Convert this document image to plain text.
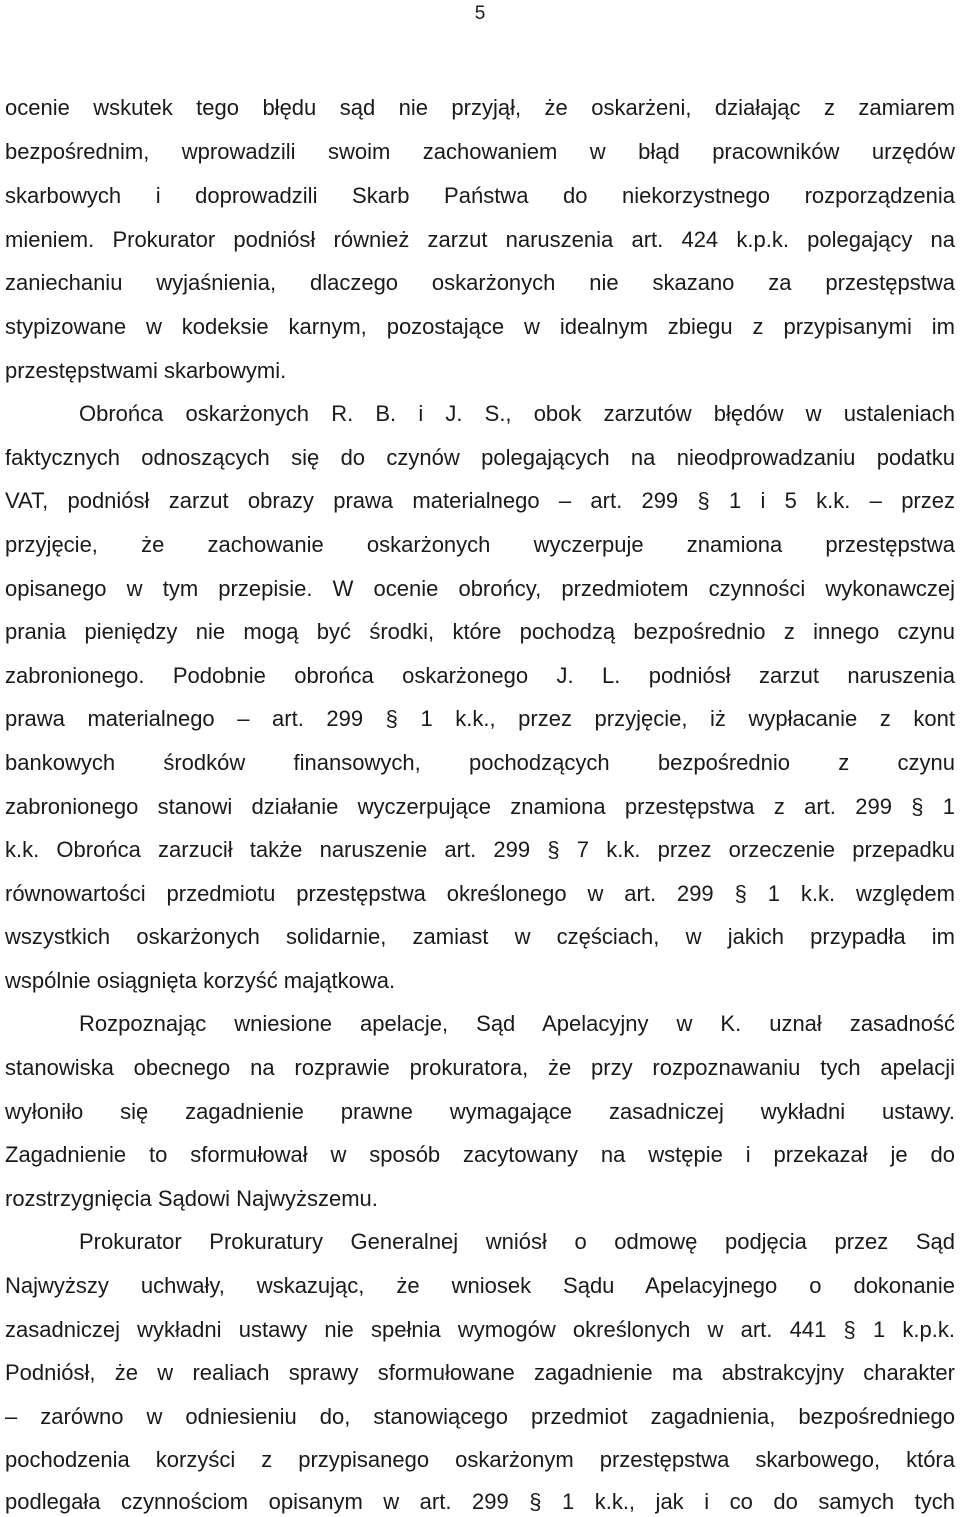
5
ocenie wskutek tego błędu sąd nie przyjął, że oskarżeni, działając z zamiarem
bezpośrednim, wprowadzili swoim zachowaniem w błąd pracowników urzędów
skarbowych i doprowadzili Skarb Państwa do niekorzystnego rozporządzenia
mieniem. Prokurator podniósł również zarzut naruszenia art. 424 k.p.k. polegający na
zaniechaniu wyjaśnienia, dlaczego oskarżonych nie skazano za przestępstwa
stypizowane w kodeksie karnym, pozostające w idealnym zbiegu z przypisanymi im
przestępstwami skarbowymi.
Obrońca oskarżonych R. B. i J. S., obok zarzutów błędów w ustaleniach
faktycznych odnoszących się do czynów polegających na nieodprowadzaniu podatku
VAT, podniósł zarzut obrazy prawa materialnego – art. 299 § 1 i 5 k.k. – przez
przyjęcie, że zachowanie oskarżonych wyczerpuje znamiona przestępstwa
opisanego w tym przepisie. W ocenie obrońcy, przedmiotem czynności wykonawczej
prania pieniędzy nie mogą być środki, które pochodzą bezpośrednio z innego czynu
zabronionego. Podobnie obrońca oskarżonego J. L. podniósł zarzut naruszenia
prawa materialnego – art. 299 § 1 k.k., przez przyjęcie, iż wypłacanie z kont
bankowych środków finansowych, pochodzących bezpośrednio z czynu
zabronionego stanowi działanie wyczerpujące znamiona przestępstwa z art. 299 § 1
k.k. Obrońca zarzucił także naruszenie art. 299 § 7 k.k. przez orzeczenie przepadku
równowartości przedmiotu przestępstwa określonego w art. 299 § 1 k.k. względem
wszystkich oskarżonych solidarnie, zamiast w częściach, w jakich przypadła im
wspólnie osiągnięta korzyść majątkowa.
Rozpoznając wniesione apelacje, Sąd Apelacyjny w K. uznał zasadność
stanowiska obecnego na rozprawie prokuratora, że przy rozpoznawaniu tych apelacji
wyłoniło się zagadnienie prawne wymagające zasadniczej wykładni ustawy.
Zagadnienie to sformułował w sposób zacytowany na wstępie i przekazał je do
rozstrzygnięcia Sądowi Najwyższemu.
Prokurator Prokuratury Generalnej wniósł o odmowę podjęcia przez Sąd
Najwyższy uchwały, wskazując, że wniosek Sądu Apelacyjnego o dokonanie
zasadniczej wykładni ustawy nie spełnia wymogów określonych w art. 441 § 1 k.p.k.
Podniósł, że w realiach sprawy sformułowane zagadnienie ma abstrakcyjny charakter
– zarówno w odniesieniu do, stanowiącego przedmiot zagadnienia, bezpośredniego
pochodzenia korzyści z przypisanego oskarżonym przestępstwa skarbowego, która
podlegała czynnościom opisanym w art. 299 § 1 k.k., jak i co do samych tych
